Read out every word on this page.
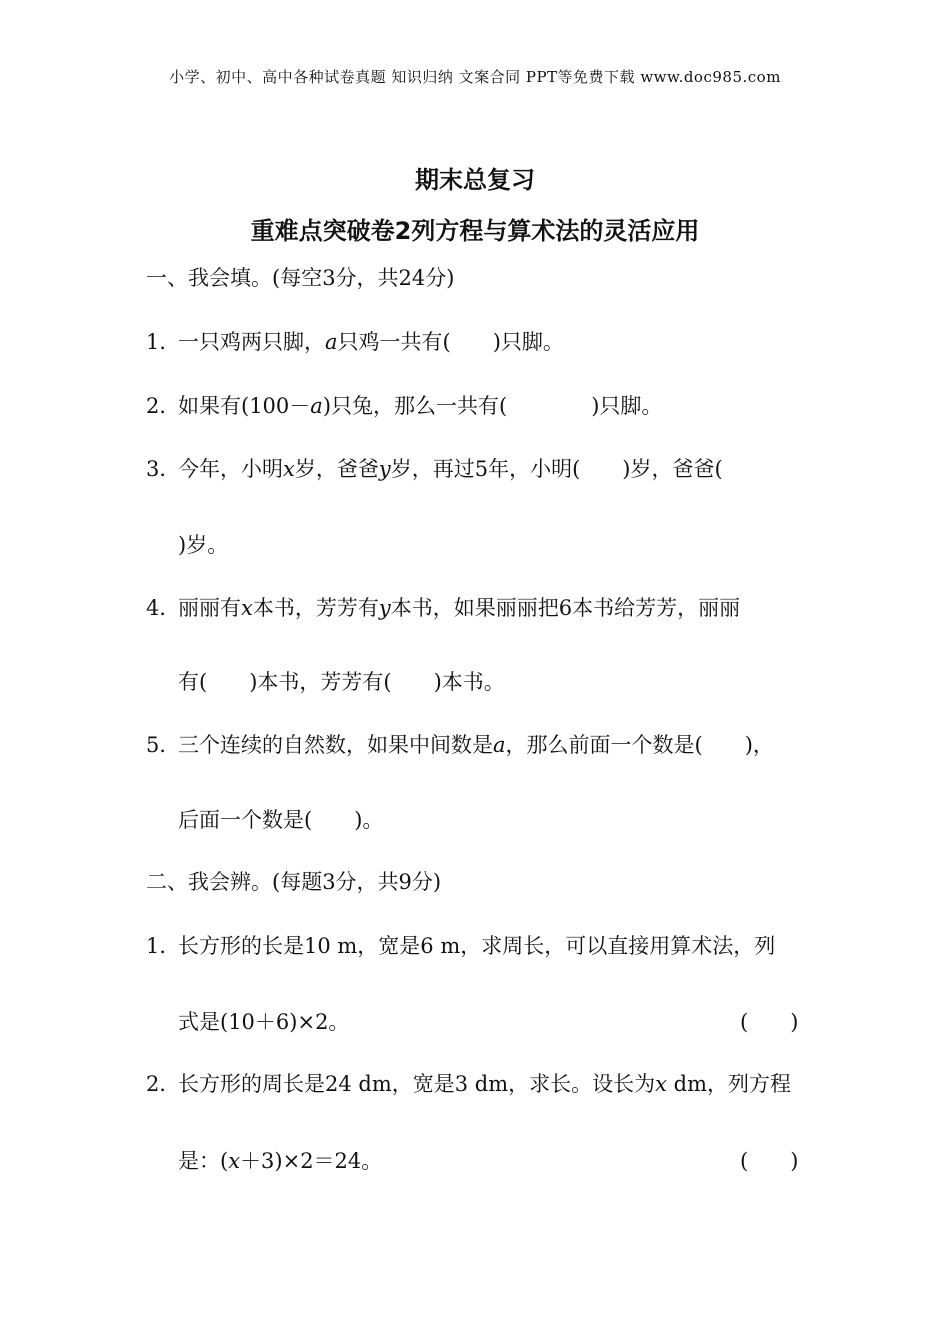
小学、初中、高中各种试卷真题 知识归纳 文案合同 PPT等免费下载 www.doc985.com
期末总复习
重难点突破卷2列方程与算术法的灵活应用
一、我会填。(每空3分，共24分)
1．一只鸡两只脚，a只鸡一共有(　　)只脚。
2．如果有(100－a)只兔，那么一共有(　　　　)只脚。
3．今年，小明x岁，爸爸y岁，再过5年，小明(　　)岁，爸爸(
)岁。
4．丽丽有x本书，芳芳有y本书，如果丽丽把6本书给芳芳，丽丽
有(　　)本书，芳芳有(　　)本书。
5．三个连续的自然数，如果中间数是a，那么前面一个数是(　　)，
后面一个数是(　　)。
二、我会辨。(每题3分，共9分)
1．长方形的长是10 m，宽是6 m，求周长，可以直接用算术法，列
式是(10＋6)×2。	(　　)
2．长方形的周长是24 dm，宽是3 dm，求长。设长为x dm，列方程
是：(x＋3)×2＝24。	(　　)
